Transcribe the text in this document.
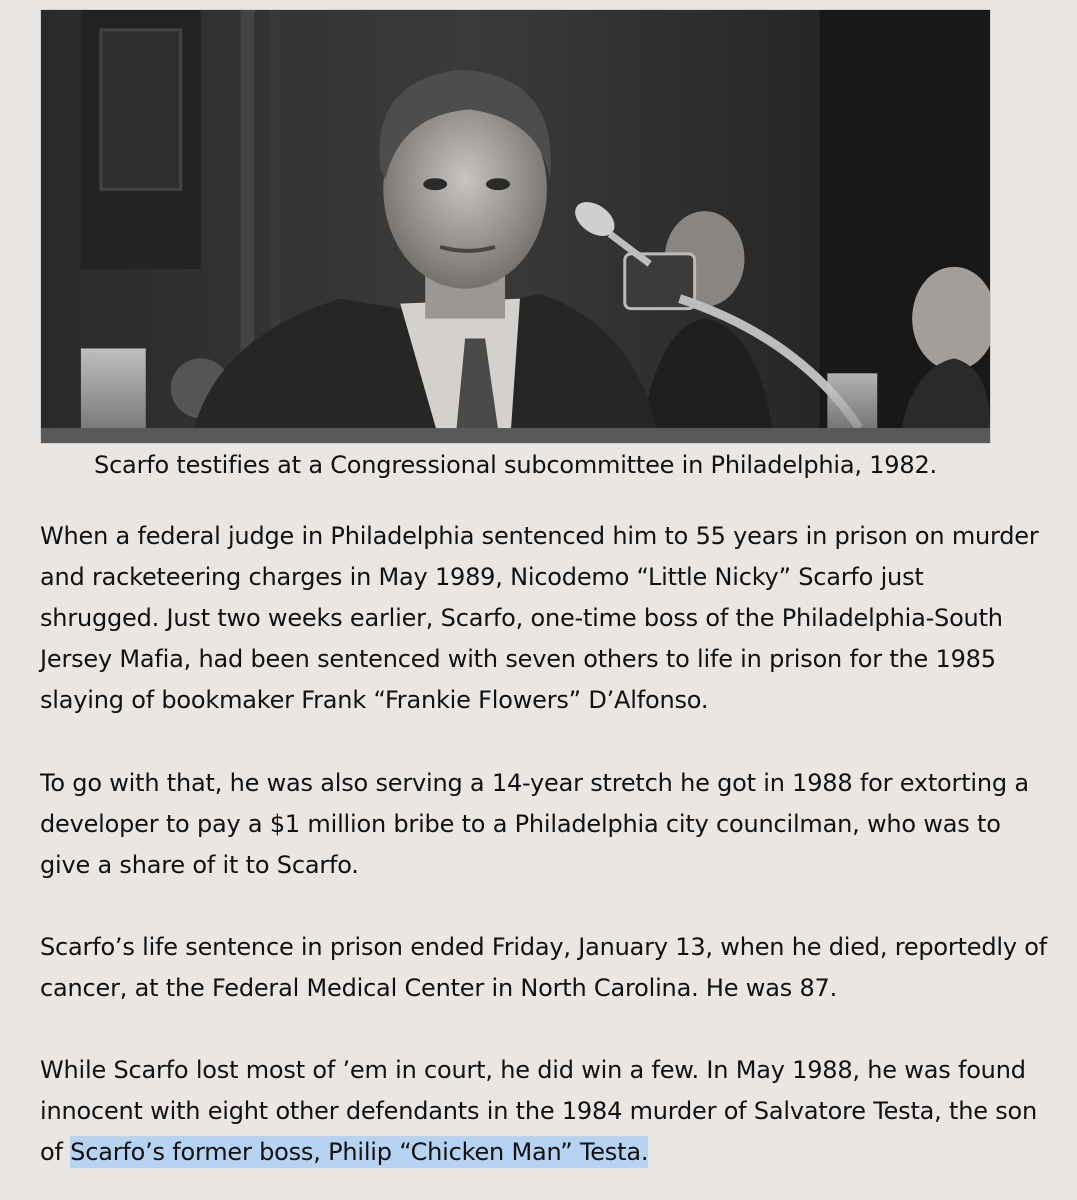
Scarfo testifies at a Congressional subcommittee in Philadelphia, 1982.

When a federal judge in Philadelphia sentenced him to 55 years in prison on murder and racketeering charges in May 1989, Nicodemo “Little Nicky” Scarfo just shrugged. Just two weeks earlier, Scarfo, one-time boss of the Philadelphia-South Jersey Mafia, had been sentenced with seven others to life in prison for the 1985 slaying of bookmaker Frank “Frankie Flowers” D’Alfonso.

To go with that, he was also serving a 14-year stretch he got in 1988 for extorting a developer to pay a $1 million bribe to a Philadelphia city councilman, who was to give a share of it to Scarfo.

Scarfo’s life sentence in prison ended Friday, January 13, when he died, reportedly of cancer, at the Federal Medical Center in North Carolina. He was 87.

While Scarfo lost most of ’em in court, he did win a few. In May 1988, he was found innocent with eight other defendants in the 1984 murder of Salvatore Testa, the son of Scarfo’s former boss, Philip “Chicken Man” Testa.
